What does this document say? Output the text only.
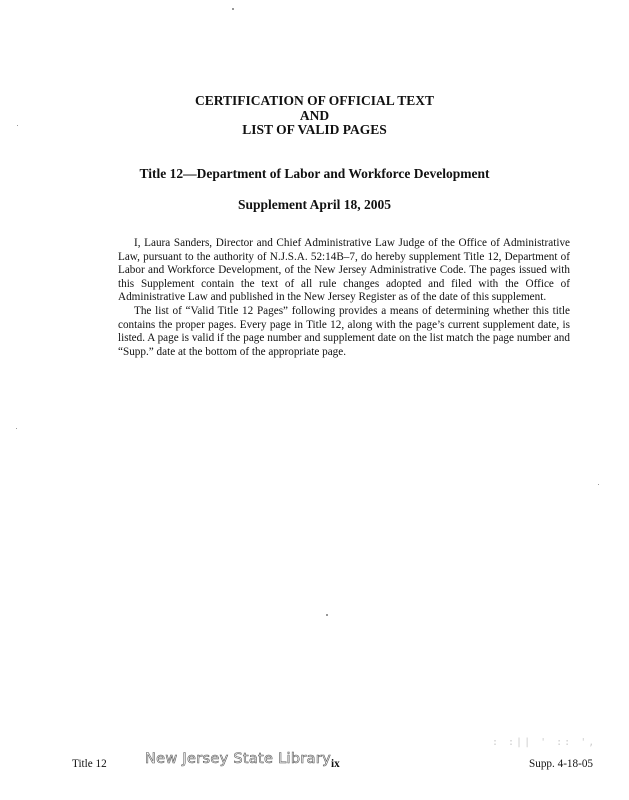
CERTIFICATION OF OFFICIAL TEXT
AND
LIST OF VALID PAGES
Title 12—Department of Labor and Workforce Development
Supplement April 18, 2005

I, Laura Sanders, Director and Chief Administrative Law Judge of the Office of Administrative Law, pursuant to the authority of N.J.S.A. 52:14B–7, do hereby supplement Title 12, Department of Labor and Workforce Development, of the New Jersey Administrative Code. The pages issued with this Supplement contain the text of all rule changes adopted and filed with the Office of Administrative Law and published in the New Jersey Register as of the date of this supplement.

The list of “Valid Title 12 Pages” following provides a means of determining whether this title contains the proper pages. Every page in Title 12, along with the page’s current supplement date, is listed. A page is valid if the page number and supplement date on the list match the page number and “Supp.” date at the bottom of the appropriate page.

Title 12	New Jersey State Library ix	Supp. 4-18-05
: :|| ' :: ',
